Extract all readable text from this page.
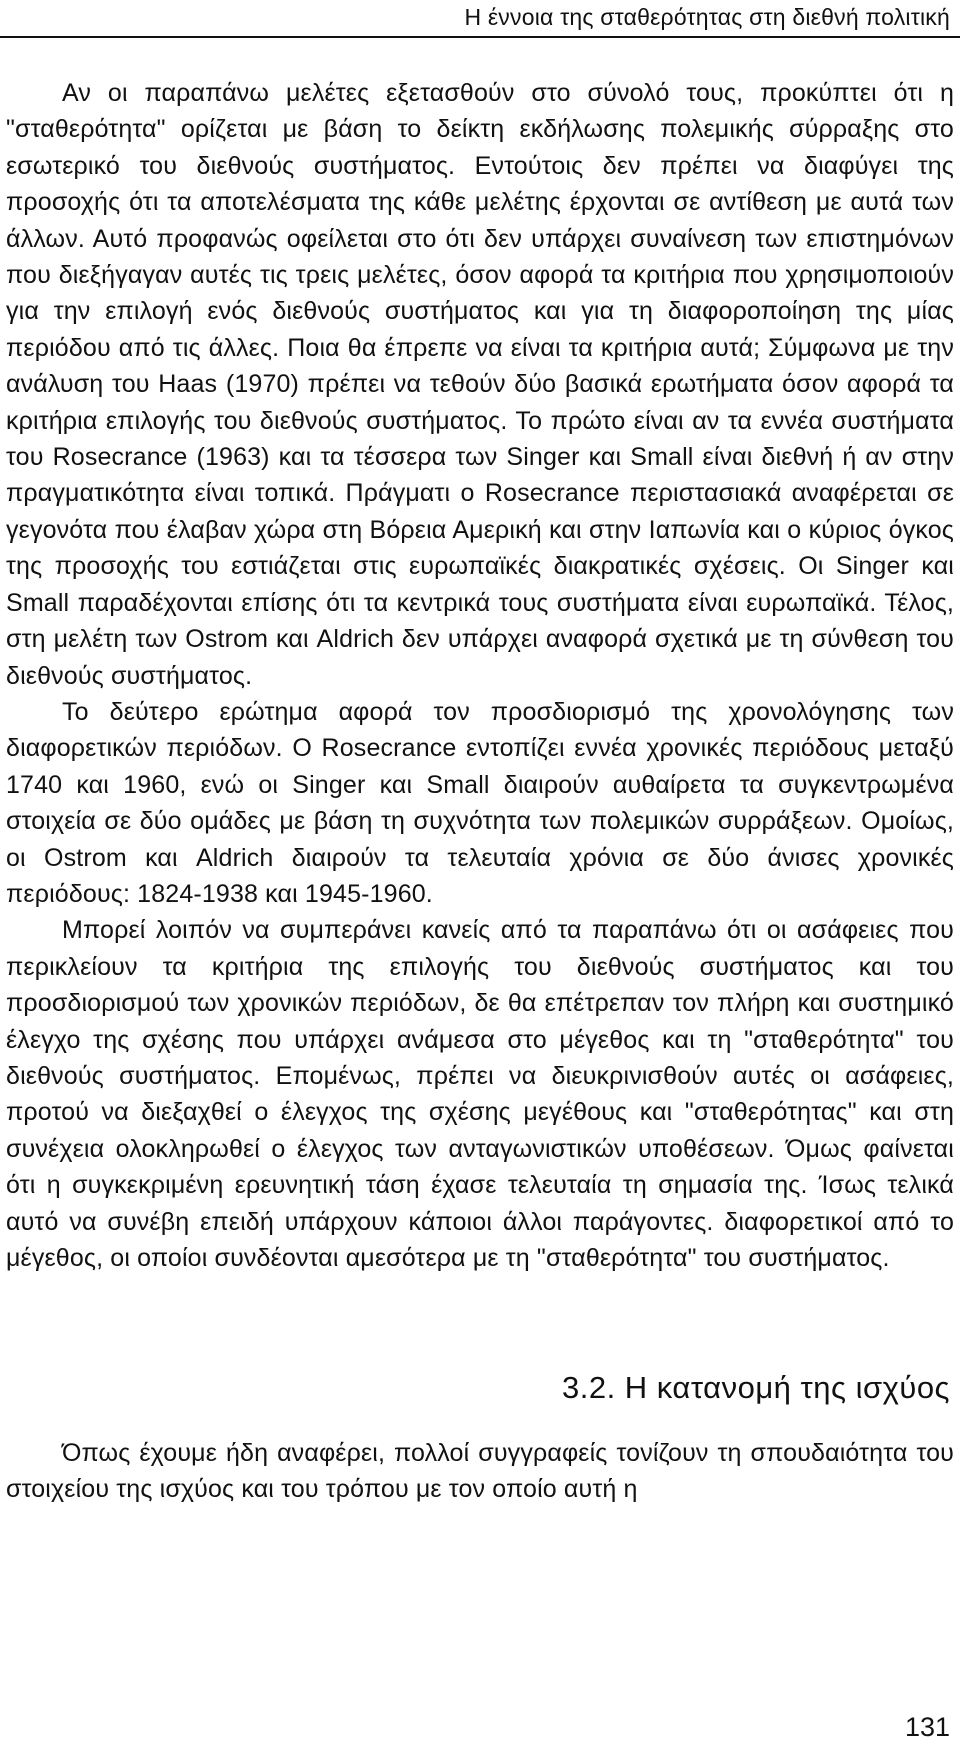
Η έννοια της σταθερότητας στη διεθνή πολιτική

Αν οι παραπάνω μελέτες εξετασθούν στο σύνολό τους, προκύπτει ότι η "σταθερότητα" ορίζεται με βάση το δείκτη εκδήλωσης πολεμικής σύρραξης στο εσωτερικό του διεθνούς συστήματος. Εντούτοις δεν πρέπει να διαφύγει της προσοχής ότι τα αποτελέσματα της κάθε μελέτης έρχονται σε αντίθεση με αυτά των άλλων. Αυτό προφανώς οφείλεται στο ότι δεν υπάρχει συναίνεση των επιστημόνων που διεξήγαγαν αυτές τις τρεις μελέτες, όσον αφορά τα κριτήρια που χρησιμοποιούν για την επιλογή ενός διεθνούς συστήματος και για τη διαφοροποίηση της μίας περιόδου από τις άλλες. Ποια θα έπρεπε να είναι τα κριτήρια αυτά; Σύμφωνα με την ανάλυση του Haas (1970) πρέπει να τεθούν δύο βασικά ερωτήματα όσον αφορά τα κριτήρια επιλογής του διεθνούς συστήματος. Το πρώτο είναι αν τα εννέα συστήματα του Rosecrance (1963) και τα τέσσερα των Singer και Small είναι διεθνή ή αν στην πραγματικότητα είναι τοπικά. Πράγματι ο Rosecrance περιστασιακά αναφέρεται σε γεγονότα που έλαβαν χώρα στη Βόρεια Αμερική και στην Ιαπωνία και ο κύριος όγκος της προσοχής του εστιάζεται στις ευρωπαϊκές διακρατικές σχέσεις. Οι Singer και Small παραδέχονται επίσης ότι τα κεντρικά τους συστήματα είναι ευρωπαϊκά. Τέλος, στη μελέτη των Ostrom και Aldrich δεν υπάρχει αναφορά σχετικά με τη σύνθεση του διεθνούς συστήματος.

Το δεύτερο ερώτημα αφορά τον προσδιορισμό της χρονολόγησης των διαφορετικών περιόδων. Ο Rosecrance εντοπίζει εννέα χρονικές περιόδους μεταξύ 1740 και 1960, ενώ οι Singer και Small διαιρούν αυθαίρετα τα συγκεντρωμένα στοιχεία σε δύο ομάδες με βάση τη συχνότητα των πολεμικών συρράξεων. Ομοίως, οι Ostrom και Aldrich διαιρούν τα τελευταία χρόνια σε δύο άνισες χρονικές περιόδους: 1824-1938 και 1945-1960.

Μπορεί λοιπόν να συμπεράνει κανείς από τα παραπάνω ότι οι ασάφειες που περικλείουν τα κριτήρια της επιλογής του διεθνούς συστήματος και του προσδιορισμού των χρονικών περιόδων, δε θα επέτρεπαν τον πλήρη και συστημικό έλεγχο της σχέσης που υπάρχει ανάμεσα στο μέγεθος και τη "σταθερότητα" του διεθνούς συστήματος. Επομένως, πρέπει να διευκρινισθούν αυτές οι ασάφειες, προτού να διεξαχθεί ο έλεγχος της σχέσης μεγέθους και "σταθερότητας" και στη συνέχεια ολοκληρωθεί ο έλεγχος των ανταγωνιστικών υποθέσεων. Όμως φαίνεται ότι η συγκεκριμένη ερευνητική τάση έχασε τελευταία τη σημασία της. Ίσως τελικά αυτό να συνέβη επειδή υπάρχουν κάποιοι άλλοι παράγοντες. διαφορετικοί από το μέγεθος, οι οποίοι συνδέονται αμεσότερα με τη "σταθερότητα" του συστήματος.

3.2. Η κατανομή της ισχύος

Όπως έχουμε ήδη αναφέρει, πολλοί συγγραφείς τονίζουν τη σπουδαιότητα του στοιχείου της ισχύος και του τρόπου με τον οποίο αυτή η

131
